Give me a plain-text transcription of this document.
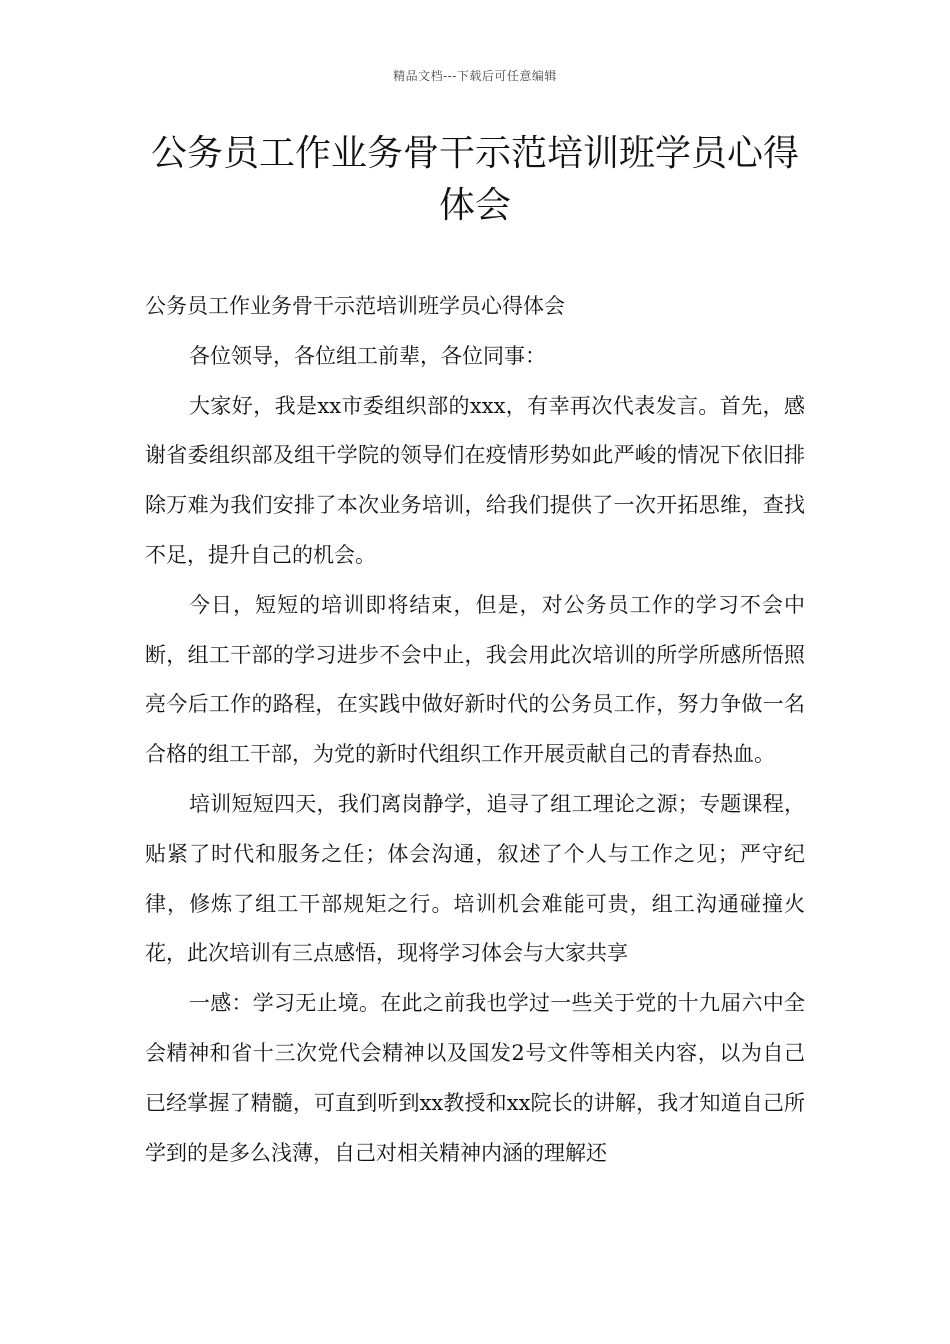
精品文档---下载后可任意编辑
公务员工作业务骨干示范培训班学员心得体会

公务员工作业务骨干示范培训班学员心得体会

各位领导，各位组工前辈，各位同事：

大家好，我是xx市委组织部的xxx，有幸再次代表发言。首先，感谢省委组织部及组干学院的领导们在疫情形势如此严峻的情况下依旧排除万难为我们安排了本次业务培训，给我们提供了一次开拓思维，查找不足，提升自己的机会。

今日，短短的培训即将结束，但是，对公务员工作的学习不会中断，组工干部的学习进步不会中止，我会用此次培训的所学所感所悟照亮今后工作的路程，在实践中做好新时代的公务员工作，努力争做一名合格的组工干部，为党的新时代组织工作开展贡献自己的青春热血。

培训短短四天，我们离岗静学，追寻了组工理论之源；专题课程，贴紧了时代和服务之任；体会沟通，叙述了个人与工作之见；严守纪律，修炼了组工干部规矩之行。培训机会难能可贵，组工沟通碰撞火花，此次培训有三点感悟，现将学习体会与大家共享

一感：学习无止境。在此之前我也学过一些关于党的十九届六中全会精神和省十三次党代会精神以及国发2号文件等相关内容，以为自己已经掌握了精髓，可直到听到xx教授和xx院长的讲解，我才知道自己所学到的是多么浅薄，自己对相关精神内涵的理解还
